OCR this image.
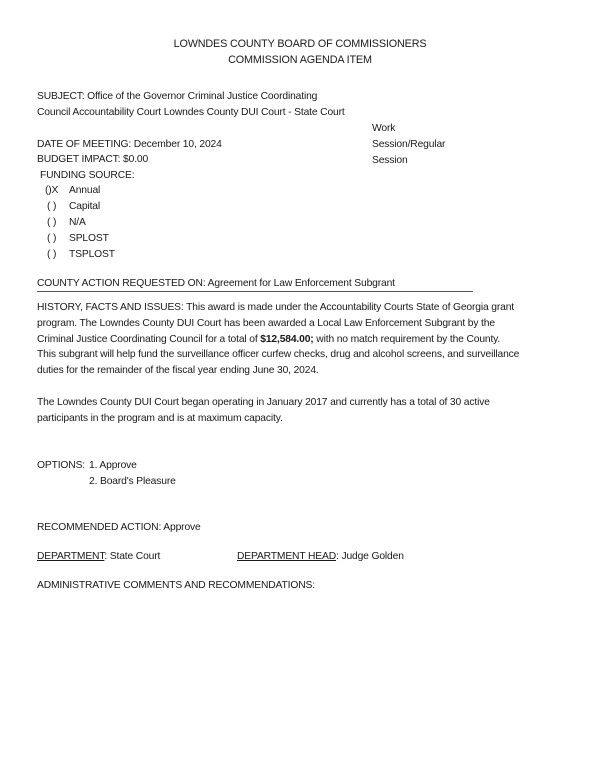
LOWNDES COUNTY BOARD OF COMMISSIONERS
COMMISSION AGENDA ITEM
SUBJECT: Office of the Governor Criminal Justice Coordinating
Council Accountability Court Lowndes County DUI Court - State Court
Work
Session/Regular
Session
DATE OF MEETING: December 10, 2024
BUDGET IMPACT: $0.00
FUNDING SOURCE:
()X Annual
( ) Capital
( ) N/A
( ) SPLOST
( ) TSPLOST
COUNTY ACTION REQUESTED ON: Agreement for Law Enforcement Subgrant
HISTORY, FACTS AND ISSUES: This award is made under the Accountability Courts State of Georgia grant
program. The Lowndes County DUI Court has been awarded a Local Law Enforcement Subgrant by the
Criminal Justice Coordinating Council for a total of $12,584.00; with no match requirement by the County.
This subgrant will help fund the surveillance officer curfew checks, drug and alcohol screens, and surveillance
duties for the remainder of the fiscal year ending June 30, 2024.
The Lowndes County DUI Court began operating in January 2017 and currently has a total of 30 active
participants in the program and is at maximum capacity.
OPTIONS: 1. Approve
2. Board's Pleasure
RECOMMENDED ACTION: Approve
DEPARTMENT: State Court	DEPARTMENT HEAD: Judge Golden
ADMINISTRATIVE COMMENTS AND RECOMMENDATIONS:
